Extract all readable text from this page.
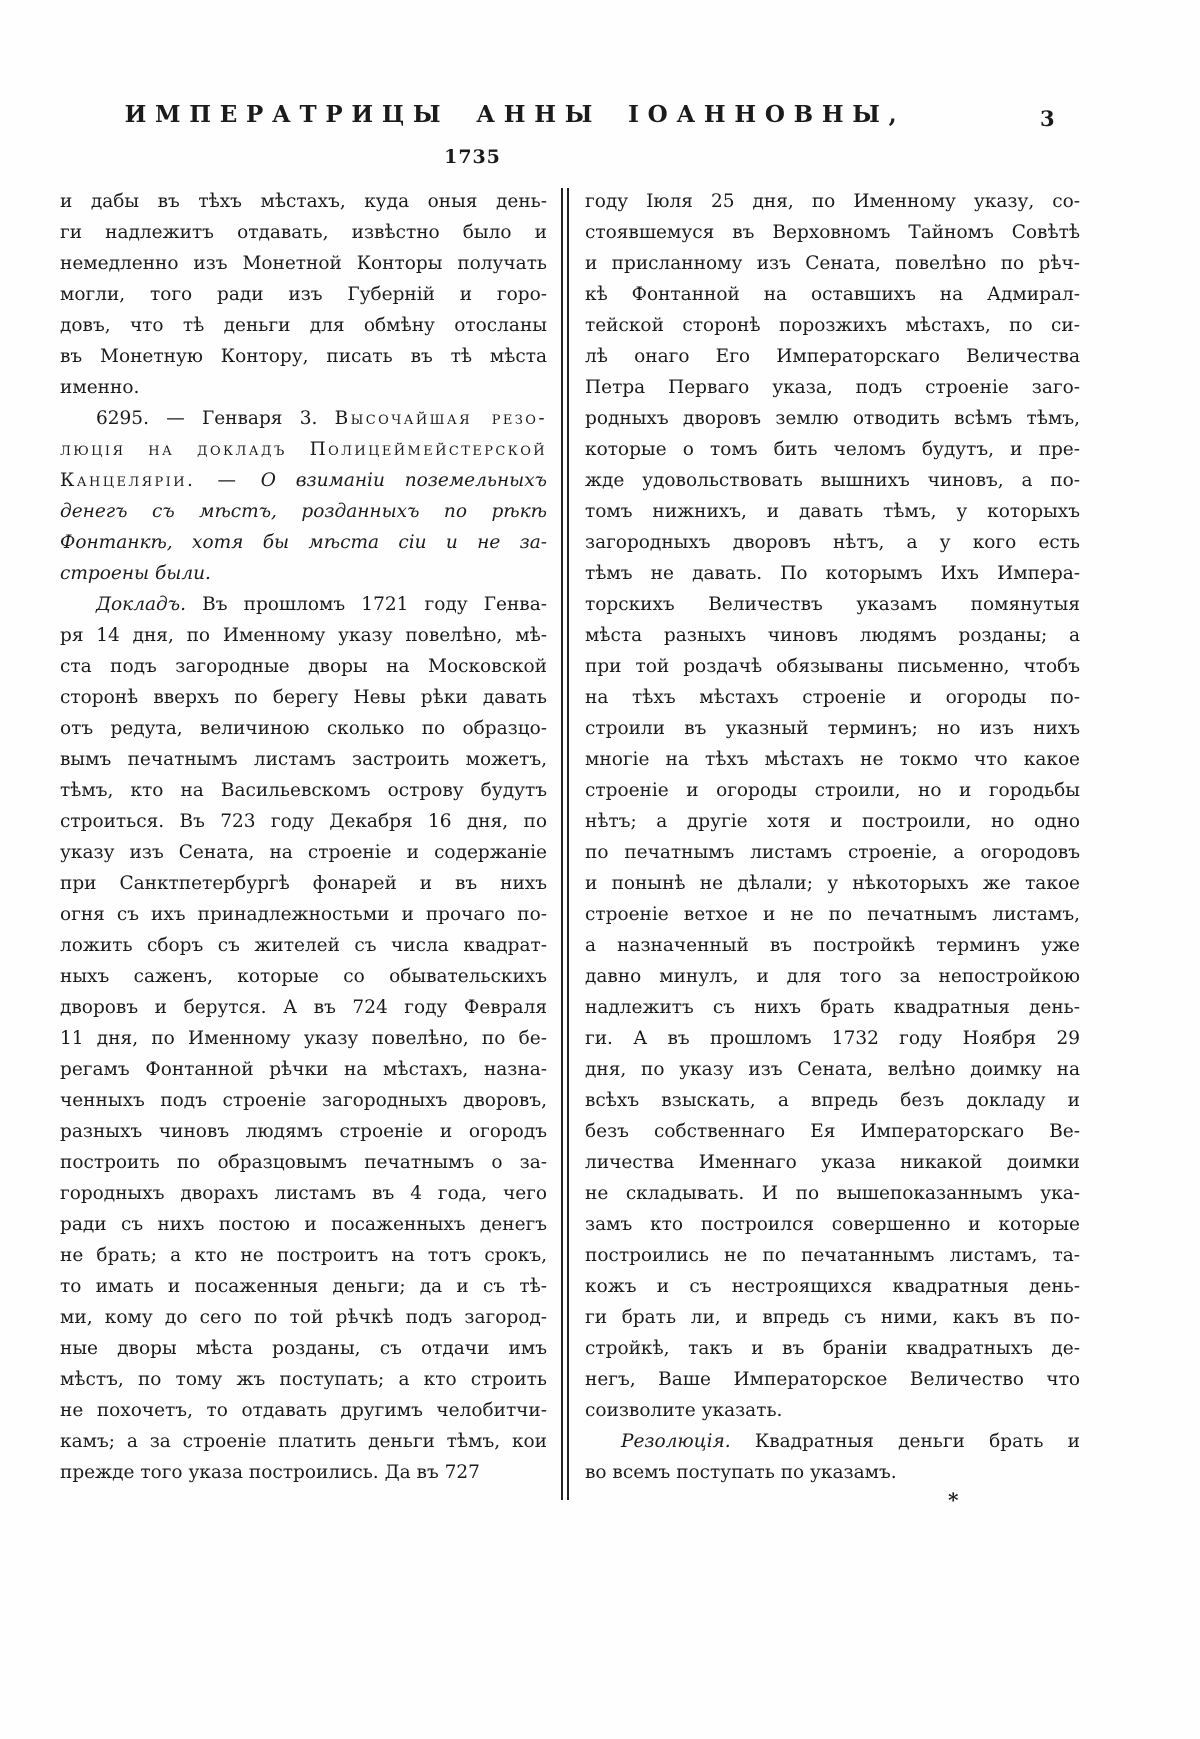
ИМПЕРАТРИЦЫ АННЫ ІОАННОВНЫ,	3
1735
и дабы въ тѣхъ мѣстахъ, куда оныя день-
ги надлежитъ отдавать, извѣстно было и
немедленно изъ Монетной Конторы получать
могли, того ради изъ Губерній и горо-
довъ, что тѣ деньги для обмѣну отосланы
въ Монетную Контору, писать въ тѣ мѣста
именно.
6295. — Генваря 3. Высочайшая резо-
люція на докладъ Полицеймейстерской
Канцеляріи. — О взиманіи поземельныхъ
денегъ съ мѣстъ, розданныхъ по рѣкѣ
Фонтанкѣ, хотя бы мѣста сіи и не за-
строены были.
Докладъ. Въ прошломъ 1721 году Генва-
ря 14 дня, по Именному указу повелѣно, мѣ-
ста подъ загородные дворы на Московской
сторонѣ вверхъ по берегу Невы рѣки давать
отъ редута, величиною сколько по образцо-
вымъ печатнымъ листамъ застроить можетъ,
тѣмъ, кто на Васильевскомъ острову будутъ
строиться. Въ 723 году Декабря 16 дня, по
указу изъ Сената, на строеніе и содержаніе
при Санктпетербургѣ фонарей и въ нихъ
огня съ ихъ принадлежностьми и прочаго по-
ложить сборъ съ жителей съ числа квадрат-
ныхъ саженъ, которые со обывательскихъ
дворовъ и берутся. А въ 724 году Февраля
11 дня, по Именному указу повелѣно, по бе-
регамъ Фонтанной рѣчки на мѣстахъ, назна-
ченныхъ подъ строеніе загородныхъ дворовъ,
разныхъ чиновъ людямъ строеніе и огородъ
построить по образцовымъ печатнымъ о за-
городныхъ дворахъ листамъ въ 4 года, чего
ради съ нихъ постою и посаженныхъ денегъ
не брать; а кто не построитъ на тотъ срокъ,
то имать и посаженныя деньги; да и съ тѣ-
ми, кому до сего по той рѣчкѣ подъ загород-
ные дворы мѣста розданы, съ отдачи имъ
мѣстъ, по тому жъ поступать; а кто строить
не похочетъ, то отдавать другимъ челобитчи-
камъ; а за строеніе платить деньги тѣмъ, кои
прежде того указа построились. Да въ 727
году Іюля 25 дня, по Именному указу, со-
стоявшемуся въ Верховномъ Тайномъ Совѣтѣ
и присланному изъ Сената, повелѣно по рѣч-
кѣ Фонтанной на оставшихъ на Адмирал-
тейской сторонѣ порозжихъ мѣстахъ, по си-
лѣ онаго Его Императорскаго Величества
Петра Перваго указа, подъ строеніе заго-
родныхъ дворовъ землю отводить всѣмъ тѣмъ,
которые о томъ бить челомъ будутъ, и пре-
жде удовольствовать вышнихъ чиновъ, а по-
томъ нижнихъ, и давать тѣмъ, у которыхъ
загородныхъ дворовъ нѣтъ, а у кого есть
тѣмъ не давать. По которымъ Ихъ Импера-
торскихъ Величествъ указамъ помянутыя
мѣста разныхъ чиновъ людямъ розданы; а
при той роздачѣ обязываны письменно, чтобъ
на тѣхъ мѣстахъ строеніе и огороды по-
строили въ указный терминъ; но изъ нихъ
многіе на тѣхъ мѣстахъ не токмо что какое
строеніе и огороды строили, но и городьбы
нѣтъ; а другіе хотя и построили, но одно
по печатнымъ листамъ строеніе, а огородовъ
и понынѣ не дѣлали; у нѣкоторыхъ же такое
строеніе ветхое и не по печатнымъ листамъ,
а назначенный въ постройкѣ терминъ уже
давно минулъ, и для того за непостройкою
надлежитъ съ нихъ брать квадратныя день-
ги. А въ прошломъ 1732 году Ноября 29
дня, по указу изъ Сената, велѣно доимку на
всѣхъ взыскать, а впредь безъ докладу и
безъ собственнаго Ея Императорскаго Ве-
личества Именнаго указа никакой доимки
не складывать. И по вышепоказаннымъ ука-
замъ кто построился совершенно и которые
построились не по печатаннымъ листамъ, та-
кожъ и съ нестроящихся квадратныя день-
ги брать ли, и впредь съ ними, какъ въ по-
стройкѣ, такъ и въ браніи квадратныхъ де-
негъ, Ваше Императорское Величество что
соизволите указать.
Резолюція. Квадратныя деньги брать и
во всемъ поступать по указамъ.
*
